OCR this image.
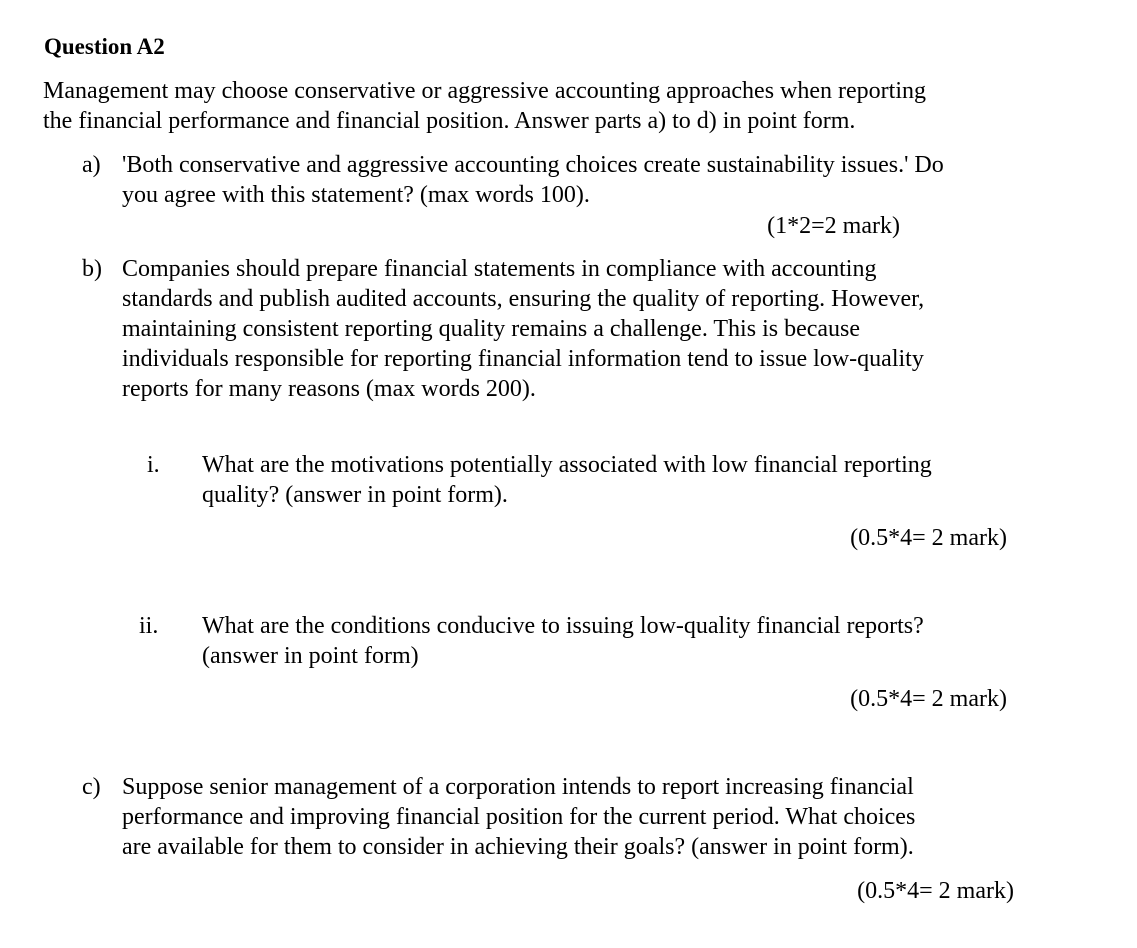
Question A2
Management may choose conservative or aggressive accounting approaches when reporting
the financial performance and financial position. Answer parts a) to d) in point form.
a) 'Both conservative and aggressive accounting choices create sustainability issues.' Do
you agree with this statement? (max words 100).
(1*2=2 mark)
b) Companies should prepare financial statements in compliance with accounting
standards and publish audited accounts, ensuring the quality of reporting. However,
maintaining consistent reporting quality remains a challenge. This is because
individuals responsible for reporting financial information tend to issue low-quality
reports for many reasons (max words 200).
i. What are the motivations potentially associated with low financial reporting
quality? (answer in point form).
(0.5*4= 2 mark)
ii. What are the conditions conducive to issuing low-quality financial reports?
(answer in point form)
(0.5*4= 2 mark)
c) Suppose senior management of a corporation intends to report increasing financial
performance and improving financial position for the current period. What choices
are available for them to consider in achieving their goals? (answer in point form).
(0.5*4= 2 mark)
